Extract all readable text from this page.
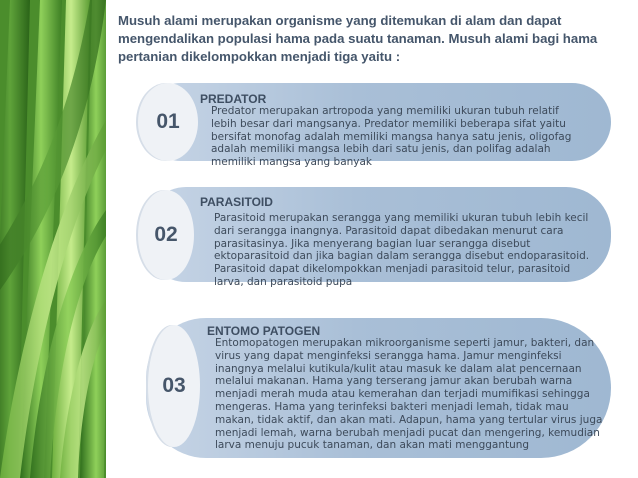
Musuh alami merupakan organisme yang ditemukan di alam dan dapat mengendalikan populasi hama pada suatu tanaman. Musuh alami bagi hama pertanian dikelompokkan menjadi tiga yaitu :

01

PREDATOR

Predator merupakan artropoda yang memiliki ukuran tubuh relatif lebih besar dari mangsanya. Predator memiliki beberapa sifat yaitu bersifat monofag adalah memiliki mangsa hanya satu jenis, oligofag adalah memiliki mangsa lebih dari satu jenis, dan polifag adalah memiliki mangsa yang banyak

02

PARASITOID

Parasitoid merupakan serangga yang memiliki ukuran tubuh lebih kecil dari serangga inangnya. Parasitoid dapat dibedakan menurut cara parasitasinya. Jika menyerang bagian luar serangga disebut ektoparasitoid dan jika bagian dalam serangga disebut endoparasitoid. Parasitoid dapat dikelompokkan menjadi parasitoid telur, parasitoid larva, dan parasitoid pupa

03

ENTOMO PATOGEN

Entomopatogen merupakan mikroorganisme seperti jamur, bakteri, dan virus yang dapat menginfeksi serangga hama. Jamur menginfeksi inangnya melalui kutikula/kulit atau masuk ke dalam alat pencernaan melalui makanan. Hama yang terserang jamur akan berubah warna menjadi merah muda atau kemerahan dan terjadi mumifikasi sehingga mengeras. Hama yang terinfeksi bakteri menjadi lemah, tidak mau makan, tidak aktif, dan akan mati. Adapun, hama yang tertular virus juga menjadi lemah, warna berubah menjadi pucat dan mengering, kemudian larva menuju pucuk tanaman, dan akan mati menggantung
